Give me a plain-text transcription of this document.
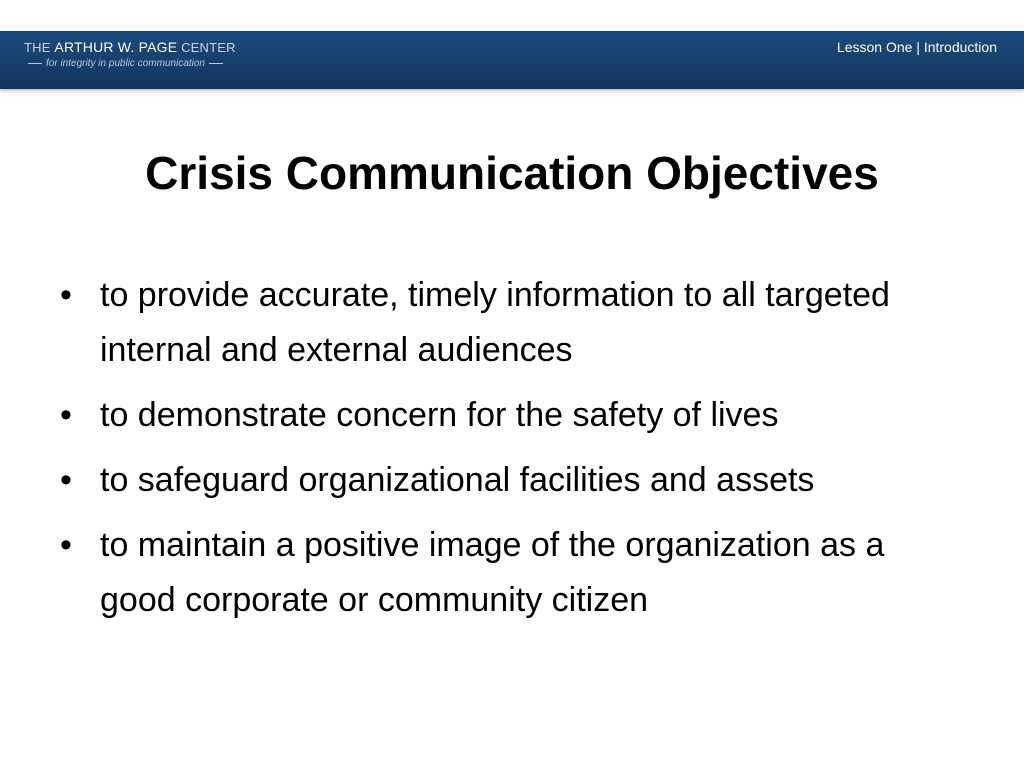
THE ARTHUR W. PAGE CENTER
for integrity in public communication
Lesson One | Introduction
Crisis Communication Objectives
• to provide accurate, timely information to all targeted internal and external audiences
• to demonstrate concern for the safety of lives
• to safeguard organizational facilities and assets
• to maintain a positive image of the organization as a good corporate or community citizen
